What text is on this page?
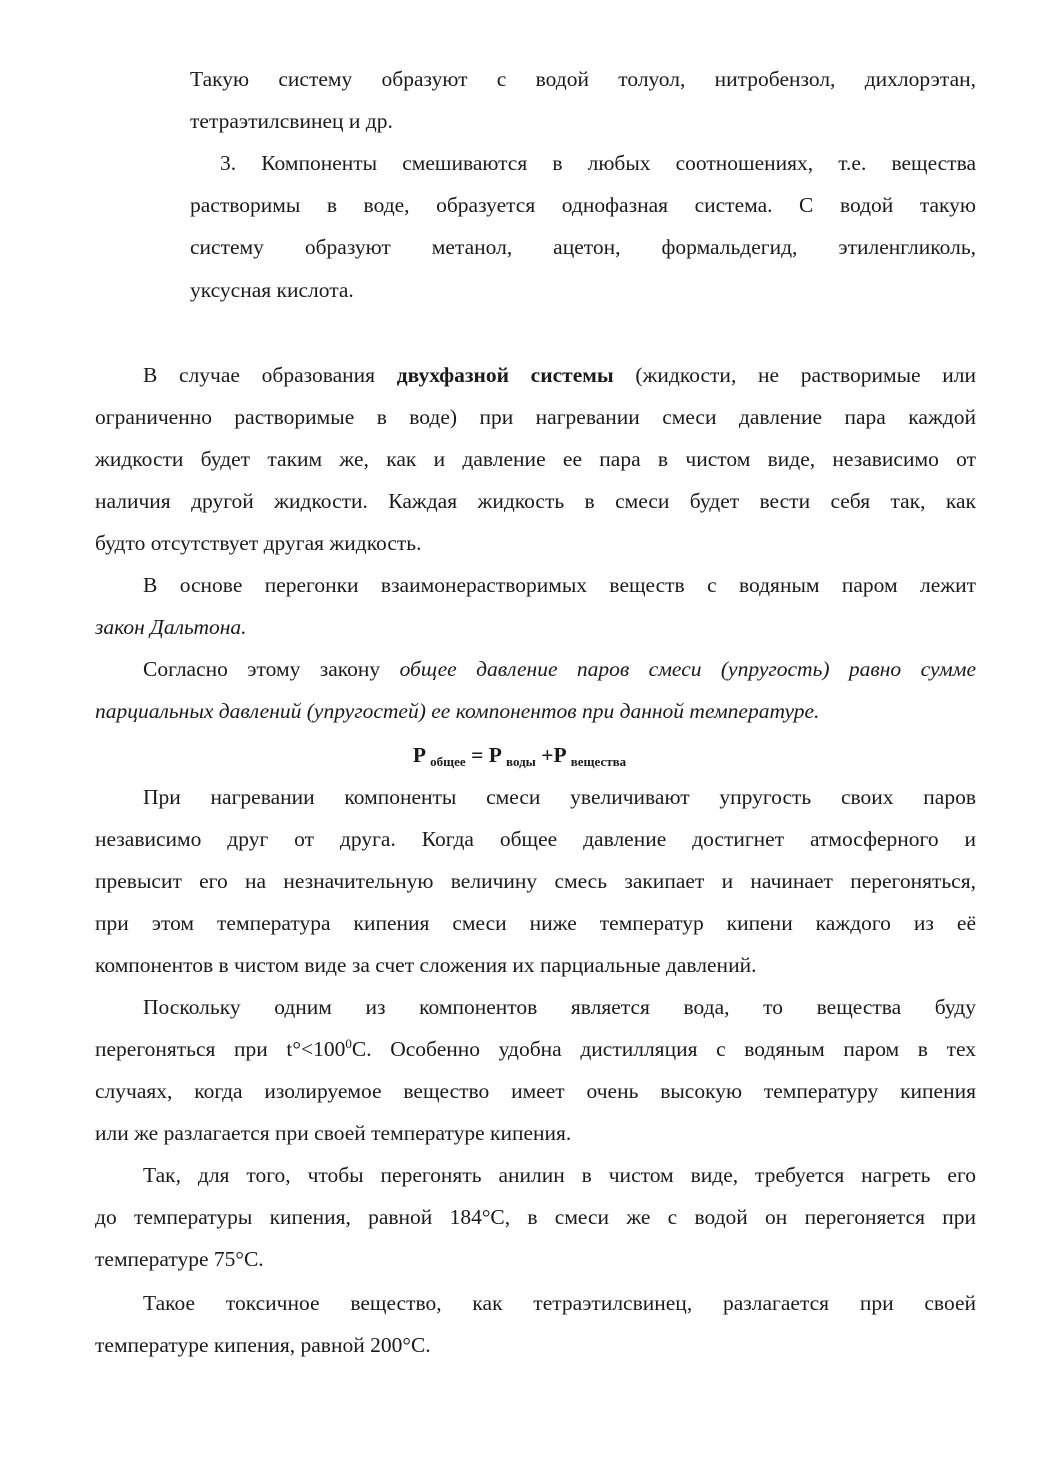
Такую систему образуют с водой толуол, нитробензол, дихлорэтан,
тетраэтилсвинец и др.
3. Компоненты смешиваются в любых соотношениях, т.е. вещества
растворимы в воде, образуется однофазная система. С водой такую
систему образуют метанол, ацетон, формальдегид, этиленгликоль,
уксусная кислота.
В случае образования двухфазной системы (жидкости, не растворимые или
ограниченно растворимые в воде) при нагревании смеси давление пара каждой
жидкости будет таким же, как и давление ее пара в чистом виде, независимо от
наличия другой жидкости. Каждая жидкость в смеси будет вести себя так, как
будто отсутствует другая жидкость.
В основе перегонки взаимонерастворимых веществ с водяным паром лежит
закон Дальтона.
Согласно этому закону общее давление паров смеси (упругость) равно сумме
парциальных давлений (упругостей) ее компонентов при данной температуре.
P общее = P воды +P вещества
При нагревании компоненты смеси увеличивают упругость своих паров
независимо друг от друга. Когда общее давление достигнет атмосферного и
превысит его на незначительную величину смесь закипает и начинает перегоняться,
при этом температура кипения смеси ниже температур кипени каждого из её
компонентов в чистом виде за счет сложения их парциальные давлений.
Поскольку одним из компонентов является вода, то вещества буду
перегоняться при $t^\circ<100^0С$. Особенно удобна дистилляция с водяным паром в тех
случаях, когда изолируемое вещество имеет очень высокую температуру кипения
или же разлагается при своей температуре кипения.
Так, для того, чтобы перегонять анилин в чистом виде, требуется нагреть его
до температуры кипения, равной 184°С, в смеси же с водой он перегоняется при
температуре 75°С.
Такое токсичное вещество, как тетраэтилсвинец, разлагается при своей
температуре кипения, равной 200°С.
